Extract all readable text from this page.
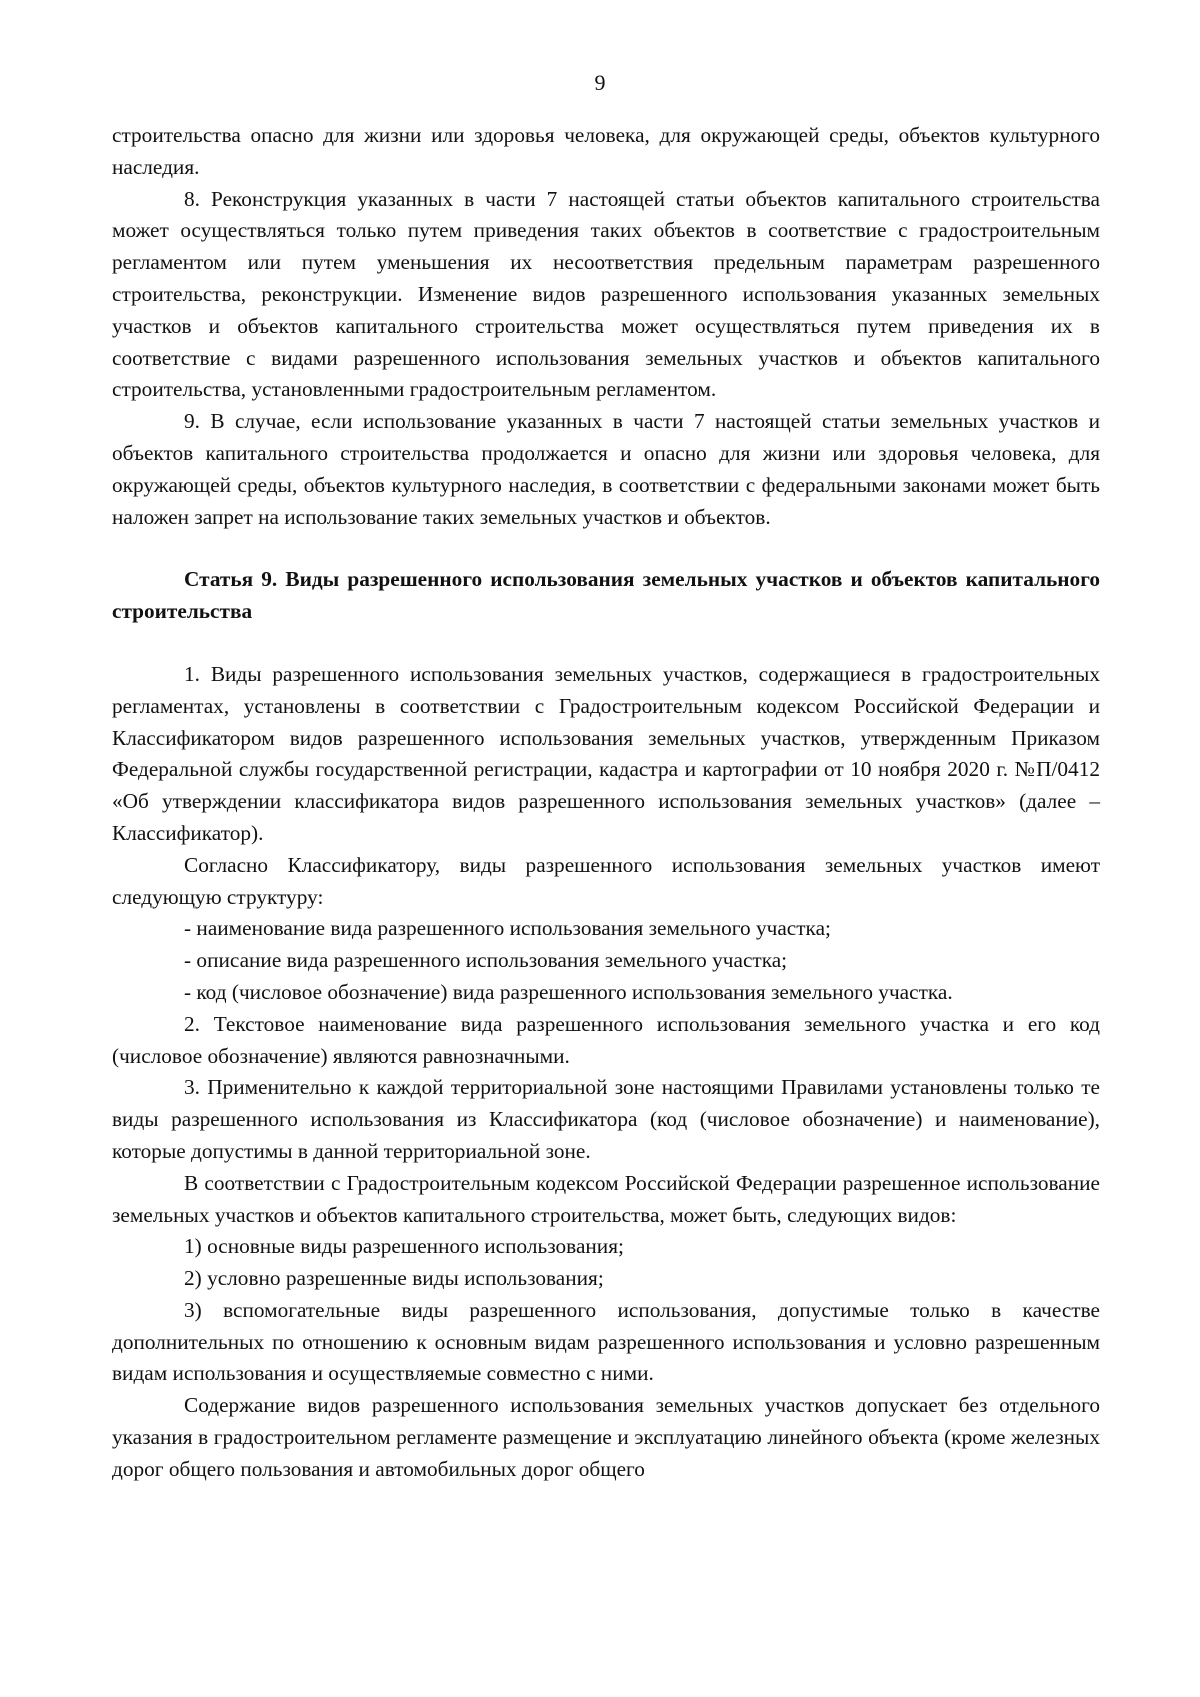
9

строительства опасно для жизни или здоровья человека, для окружающей среды, объектов культурного наследия.

8. Реконструкция указанных в части 7 настоящей статьи объектов капитального строительства может осуществляться только путем приведения таких объектов в соответствие с градостроительным регламентом или путем уменьшения их несоответствия предельным параметрам разрешенного строительства, реконструкции. Изменение видов разрешенного использования указанных земельных участков и объектов капитального строительства может осуществляться путем приведения их в соответствие с видами разрешенного использования земельных участков и объектов капитального строительства, установленными градостроительным регламентом.

9. В случае, если использование указанных в части 7 настоящей статьи земельных участков и объектов капитального строительства продолжается и опасно для жизни или здоровья человека, для окружающей среды, объектов культурного наследия, в соответствии с федеральными законами может быть наложен запрет на использование таких земельных участков и объектов.

Статья 9. Виды разрешенного использования земельных участков и объектов капитального строительства

1. Виды разрешенного использования земельных участков, содержащиеся в градостроительных регламентах, установлены в соответствии с Градостроительным кодексом Российской Федерации и Классификатором видов разрешенного использования земельных участков, утвержденным Приказом Федеральной службы государственной регистрации, кадастра и картографии от 10 ноября 2020 г. №П/0412 «Об утверждении классификатора видов разрешенного использования земельных участков» (далее – Классификатор).

Согласно Классификатору, виды разрешенного использования земельных участков имеют следующую структуру:

- наименование вида разрешенного использования земельного участка;

- описание вида разрешенного использования земельного участка;

- код (числовое обозначение) вида разрешенного использования земельного участка.

2. Текстовое наименование вида разрешенного использования земельного участка и его код (числовое обозначение) являются равнозначными.

3. Применительно к каждой территориальной зоне настоящими Правилами установлены только те виды разрешенного использования из Классификатора (код (числовое обозначение) и наименование), которые допустимы в данной территориальной зоне.

В соответствии с Градостроительным кодексом Российской Федерации разрешенное использование земельных участков и объектов капитального строительства, может быть, следующих видов:

1) основные виды разрешенного использования;

2) условно разрешенные виды использования;

3) вспомогательные виды разрешенного использования, допустимые только в качестве дополнительных по отношению к основным видам разрешенного использования и условно разрешенным видам использования и осуществляемые совместно с ними.

Содержание видов разрешенного использования земельных участков допускает без отдельного указания в градостроительном регламенте размещение и эксплуатацию линейного объекта (кроме железных дорог общего пользования и автомобильных дорог общего
